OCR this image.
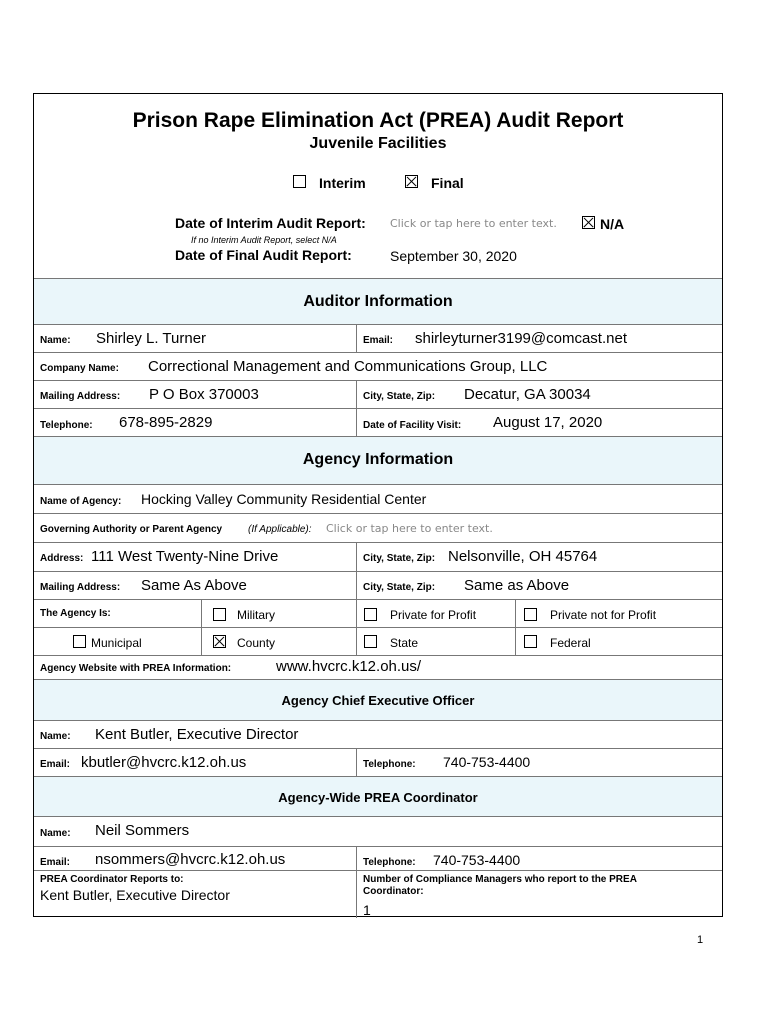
Prison Rape Elimination Act (PREA) Audit Report
Juvenile Facilities
Interim	Final
Date of Interim Audit Report: Click or tap here to enter text.	N/A
If no Interim Audit Report, select N/A
Date of Final Audit Report:	September 30, 2020
Auditor Information
Name: Shirley L. Turner	Email: shirleyturner3199@comcast.net
Company Name: Correctional Management and Communications Group, LLC
Mailing Address: P O Box 370003	City, State, Zip: Decatur, GA 30034
Telephone: 678-895-2829	Date of Facility Visit: August 17, 2020
Agency Information
Name of Agency: Hocking Valley Community Residential Center
Governing Authority or Parent Agency	(If Applicable): Click or tap here to enter text.
Address: 111 West Twenty-Nine Drive	City, State, Zip: Nelsonville, OH 45764
Mailing Address: Same As Above	City, State, Zip: Same as Above
The Agency Is:	Military	Private for Profit	Private not for Profit
Municipal	County	State	Federal
Agency Website with PREA Information:	www.hvcrc.k12.oh.us/
Agency Chief Executive Officer
Name: Kent Butler, Executive Director
Email: kbutler@hvcrc.k12.oh.us	Telephone: 740-753-4400
Agency-Wide PREA Coordinator
Name: Neil Sommers
Email: nsommers@hvcrc.k12.oh.us	Telephone: 740-753-4400
PREA Coordinator Reports to:
Kent Butler, Executive Director
Number of Compliance Managers who report to the PREA Coordinator:
1
1
